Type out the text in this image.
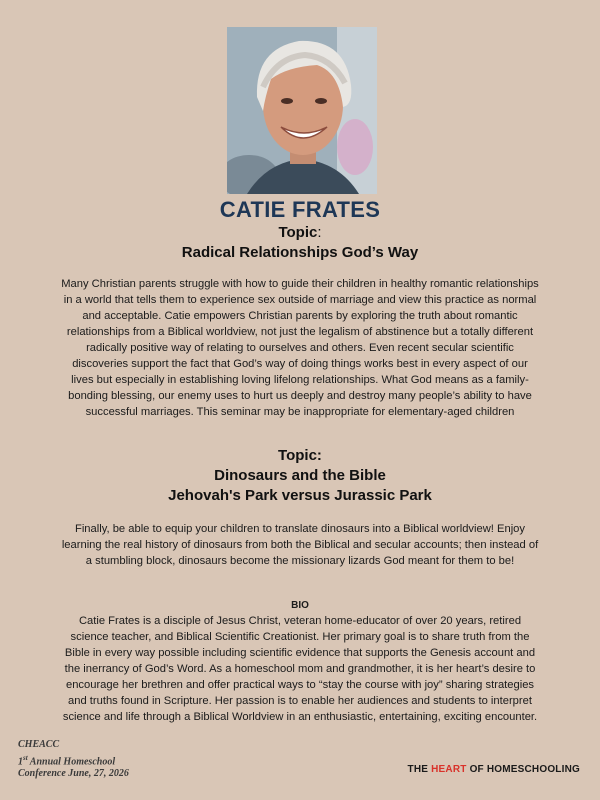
CATIE FRATES
Topic:
Radical Relationships God’s Way
Many Christian parents struggle with how to guide their children in healthy romantic relationships in a world that tells them to experience sex outside of marriage and view this practice as normal and acceptable. Catie empowers Christian parents by exploring the truth about romantic relationships from a Biblical worldview, not just the legalism of abstinence but a totally different radically positive way of relating to ourselves and others. Even recent secular scientific discoveries support the fact that God’s way of doing things works best in every aspect of our lives but especially in establishing loving lifelong relationships. What God means as a family-bonding blessing, our enemy uses to hurt us deeply and destroy many people’s ability to have successful marriages. This seminar may be inappropriate for elementary-aged children
Topic:
Dinosaurs and the Bible
Jehovah's Park versus Jurassic Park
Finally, be able to equip your children to translate dinosaurs into a Biblical worldview! Enjoy learning the real history of dinosaurs from both the Biblical and secular accounts; then instead of a stumbling block, dinosaurs become the missionary lizards God meant for them to be!
BIO
Catie Frates is a disciple of Jesus Christ, veteran home-educator of over 20 years, retired science teacher, and Biblical Scientific Creationist. Her primary goal is to share truth from the Bible in every way possible including scientific evidence that supports the Genesis account and the inerrancy of God’s Word. As a homeschool mom and grandmother, it is her heart’s desire to encourage her brethren and offer practical ways to “stay the course with joy” sharing strategies and truths found in Scripture. Her passion is to enable her audiences and students to interpret science and life through a Biblical Worldview in an enthusiastic, entertaining, exciting encounter.
CHEACC
1st Annual Homeschool
Conference June, 27, 2026	THE HEART OF HOMESCHOOLING
